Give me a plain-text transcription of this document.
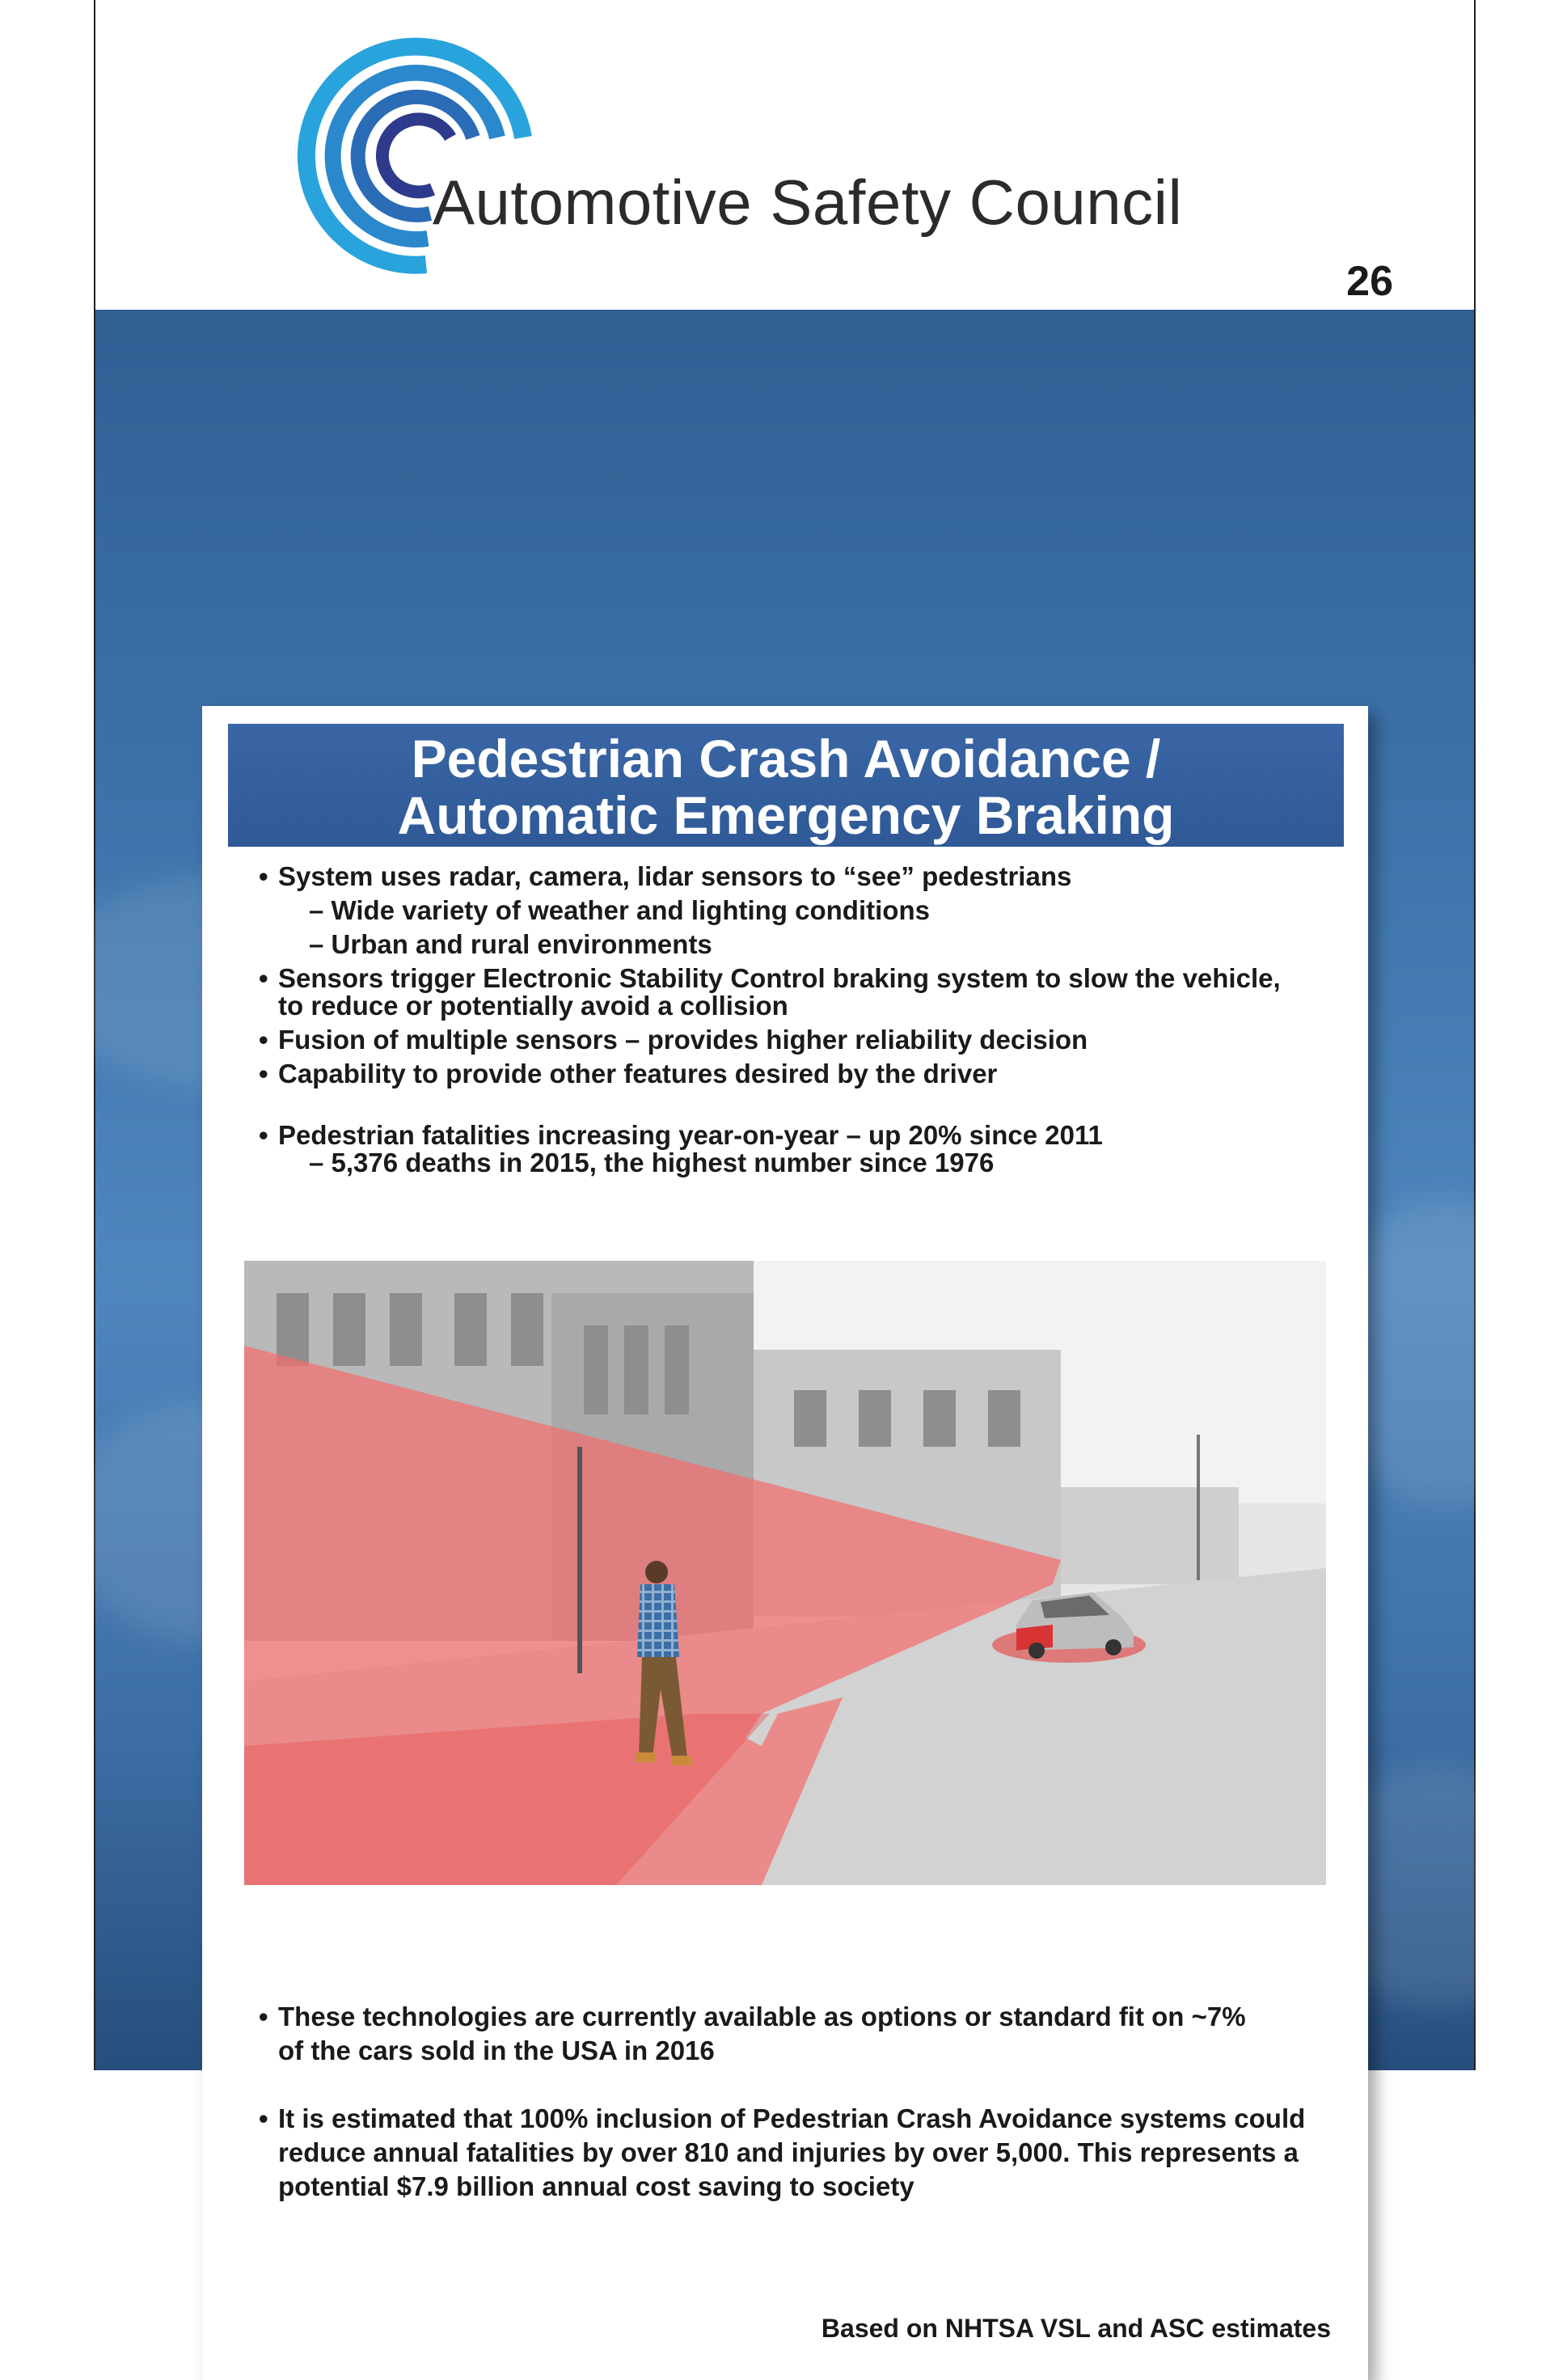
Automotive Safety Council
26
Pedestrian Crash Avoidance /
Automatic Emergency Braking
• System uses radar, camera, lidar sensors to “see” pedestrians
– Wide variety of weather and lighting conditions
– Urban and rural environments
• Sensors trigger Electronic Stability Control braking system to slow the vehicle,
to reduce or potentially avoid a collision
• Fusion of multiple sensors – provides higher reliability decision
• Capability to provide other features desired by the driver
• Pedestrian fatalities increasing year-on-year – up 20% since 2011
– 5,376 deaths in 2015, the highest number since 1976
• These technologies are currently available as options or standard fit on ~7%
of the cars sold in the USA in 2016
• It is estimated that 100% inclusion of Pedestrian Crash Avoidance systems could
reduce annual fatalities by over 810 and injuries by over 5,000. This represents a
potential $7.9 billion annual cost saving to society
Based on NHTSA VSL and ASC estimates
